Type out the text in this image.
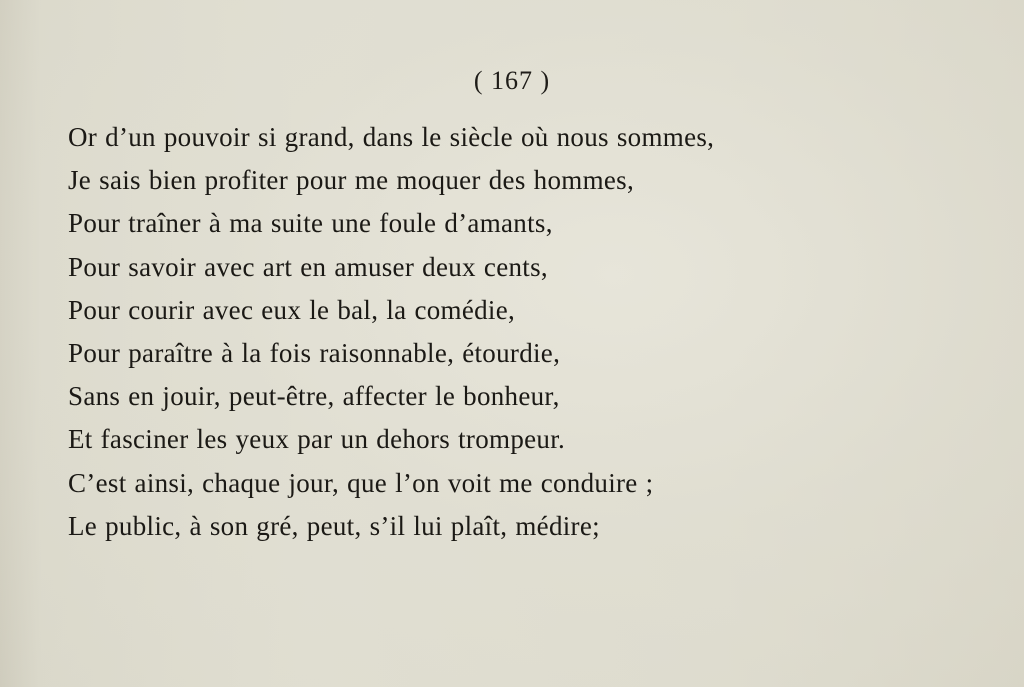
( 167 )
Or d’un pouvoir si grand, dans le siècle où nous sommes,
Je sais bien profiter pour me moquer des hommes,
Pour traîner à ma suite une foule d’amants,
Pour savoir avec art en amuser deux cents,
Pour courir avec eux le bal, la comédie,
Pour paraître à la fois raisonnable, étourdie,
Sans en jouir, peut-être, affecter le bonheur,
Et fasciner les yeux par un dehors trompeur.
C’est ainsi, chaque jour, que l’on voit me conduire ;
Le public, à son gré, peut, s’il lui plaît, médire;
